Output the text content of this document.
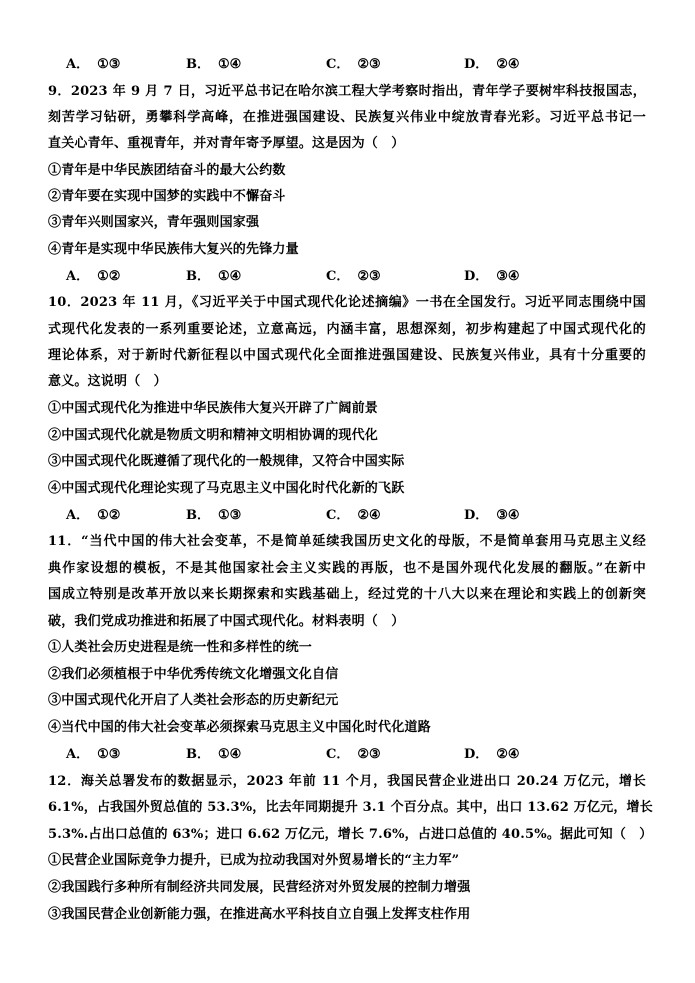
A． ①③	B． ①④	C． ②③	D． ②④
9．2023 年 9 月 7 日，习近平总书记在哈尔滨工程大学考察时指出，青年学子要树牢科技报国志，
刻苦学习钻研，勇攀科学高峰，在推进强国建设、民族复兴伟业中绽放青春光彩。习近平总书记一
直关心青年、重视青年，并对青年寄予厚望。这是因为（　）
①青年是中华民族团结奋斗的最大公约数
②青年要在实现中国梦的实践中不懈奋斗
③青年兴则国家兴，青年强则国家强
④青年是实现中华民族伟大复兴的先锋力量
A． ①②	B． ①④	C． ②③	D． ③④
10．2023 年 11 月，《习近平关于中国式现代化论述摘编》一书在全国发行。习近平同志围绕中国
式现代化发表的一系列重要论述，立意高远，内涵丰富，思想深刻，初步构建起了中国式现代化的
理论体系，对于新时代新征程以中国式现代化全面推进强国建设、民族复兴伟业，具有十分重要的
意义。这说明（　）
①中国式现代化为推进中华民族伟大复兴开辟了广阔前景
②中国式现代化就是物质文明和精神文明相协调的现代化
③中国式现代化既遵循了现代化的一般规律，又符合中国实际
④中国式现代化理论实现了马克思主义中国化时代化新的飞跃
A． ①②	B． ①③	C． ②④	D． ③④
11．“当代中国的伟大社会变革，不是简单延续我国历史文化的母版，不是简单套用马克思主义经
典作家设想的模板，不是其他国家社会主义实践的再版，也不是国外现代化发展的翻版。”在新中
国成立特别是改革开放以来长期探索和实践基础上，经过党的十八大以来在理论和实践上的创新突
破，我们党成功推进和拓展了中国式现代化。材料表明（　）
①人类社会历史进程是统一性和多样性的统一
②我们必须植根于中华优秀传统文化增强文化自信
③中国式现代化开启了人类社会形态的历史新纪元
④当代中国的伟大社会变革必须探索马克思主义中国化时代化道路
A． ①③	B． ①④	C． ②③	D． ②④
12．海关总署发布的数据显示，2023 年前 11 个月，我国民营企业进出口 20.24 万亿元，增长
6.1%，占我国外贸总值的 53.3%，比去年同期提升 3.1 个百分点。其中，出口 13.62 万亿元，增长
5.3%.占出口总值的 63%；进口 6.62 万亿元，增长 7.6%，占进口总值的 40.5%。据此可知（　）
①民营企业国际竞争力提升，已成为拉动我国对外贸易增长的“主力军”
②我国践行多种所有制经济共同发展，民营经济对外贸发展的控制力增强
③我国民营企业创新能力强，在推进高水平科技自立自强上发挥支柱作用
